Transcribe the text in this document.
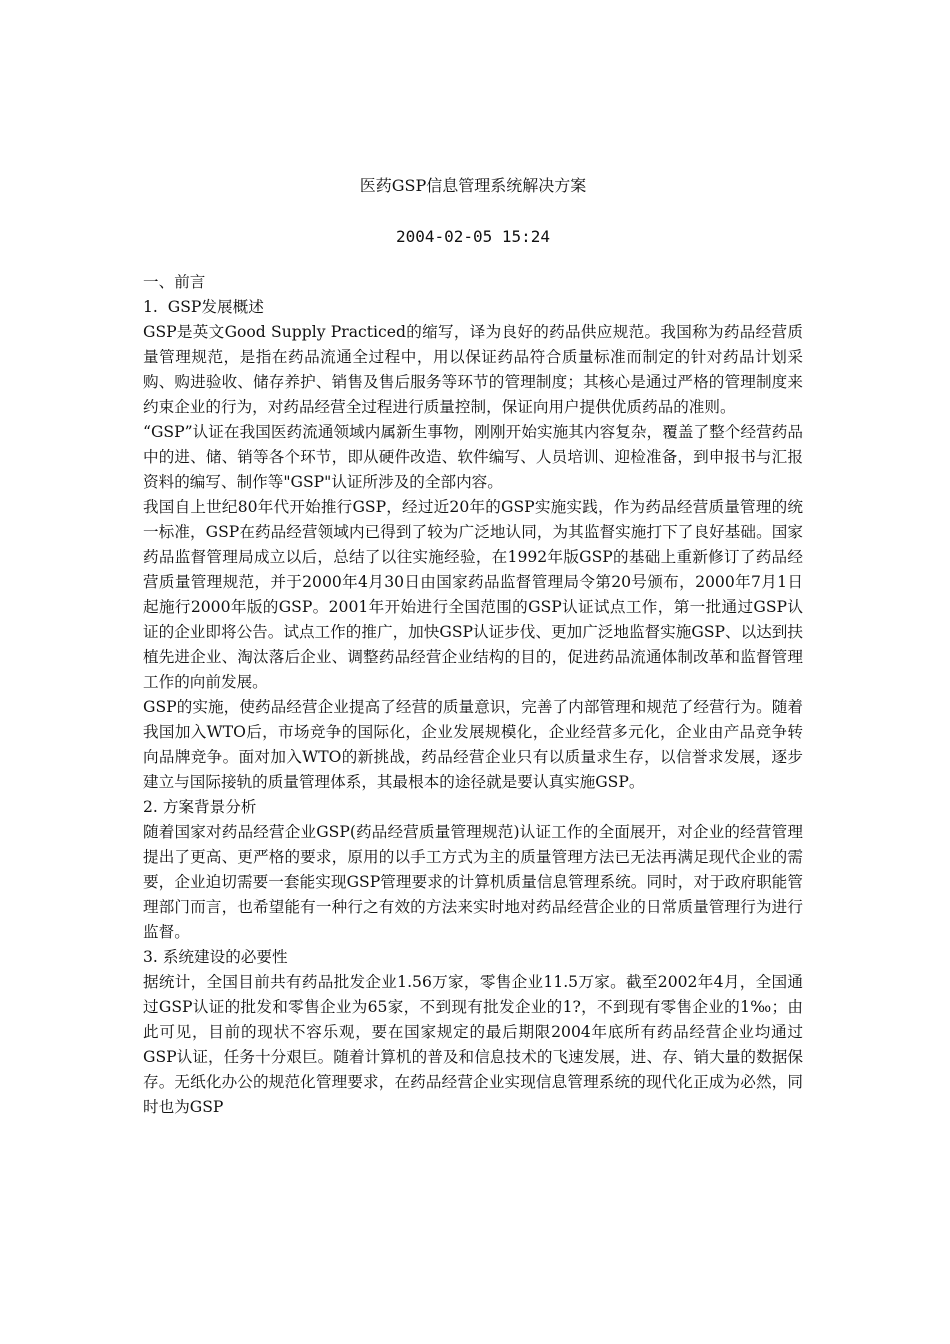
医药GSP信息管理系统解决方案

2004-02-05 15:24

一、前言

1.  GSP发展概述

GSP是英文Good Supply Practiced的缩写，译为良好的药品供应规范。我国称为药品经营质量管理规范，是指在药品流通全过程中，用以保证药品符合质量标准而制定的针对药品计划采购、购进验收、储存养护、销售及售后服务等环节的管理制度；其核心是通过严格的管理制度来约束企业的行为，对药品经营全过程进行质量控制，保证向用户提供优质药品的准则。

“GSP”认证在我国医药流通领域内属新生事物，刚刚开始实施其内容复杂，覆盖了整个经营药品中的进、储、销等各个环节，即从硬件改造、软件编写、人员培训、迎检准备，到申报书与汇报资料的编写、制作等"GSP"认证所涉及的全部内容。

我国自上世纪80年代开始推行GSP，经过近20年的GSP实施实践，作为药品经营质量管理的统一标准，GSP在药品经营领域内已得到了较为广泛地认同，为其监督实施打下了良好基础。国家药品监督管理局成立以后，总结了以往实施经验，在1992年版GSP的基础上重新修订了药品经营质量管理规范，并于2000年4月30日由国家药品监督管理局令第20号颁布，2000年7月1日起施行2000年版的GSP。2001年开始进行全国范围的GSP认证试点工作，第一批通过GSP认证的企业即将公告。试点工作的推广，加快GSP认证步伐、更加广泛地监督实施GSP、以达到扶植先进企业、淘汰落后企业、调整药品经营企业结构的目的，促进药品流通体制改革和监督管理工作的向前发展。

GSP的实施，使药品经营企业提高了经营的质量意识，完善了内部管理和规范了经营行为。随着我国加入WTO后，市场竞争的国际化，企业发展规模化，企业经营多元化，企业由产品竞争转向品牌竞争。面对加入WTO的新挑战，药品经营企业只有以质量求生存，以信誉求发展，逐步建立与国际接轨的质量管理体系，其最根本的途径就是要认真实施GSP。

2. 方案背景分析

随着国家对药品经营企业GSP(药品经营质量管理规范)认证工作的全面展开，对企业的经营管理提出了更高、更严格的要求，原用的以手工方式为主的质量管理方法已无法再满足现代企业的需要，企业迫切需要一套能实现GSP管理要求的计算机质量信息管理系统。同时，对于政府职能管理部门而言，也希望能有一种行之有效的方法来实时地对药品经营企业的日常质量管理行为进行监督。

3. 系统建设的必要性

据统计，全国目前共有药品批发企业1.56万家，零售企业11.5万家。截至2002年4月，全国通过GSP认证的批发和零售企业为65家，不到现有批发企业的1?，不到现有零售企业的1‰；由此可见，目前的现状不容乐观，要在国家规定的最后期限2004年底所有药品经营企业均通过GSP认证，任务十分艰巨。随着计算机的普及和信息技术的飞速发展，进、存、销大量的数据保存。无纸化办公的规范化管理要求，在药品经营企业实现信息管理系统的现代化正成为必然，同时也为GSP
